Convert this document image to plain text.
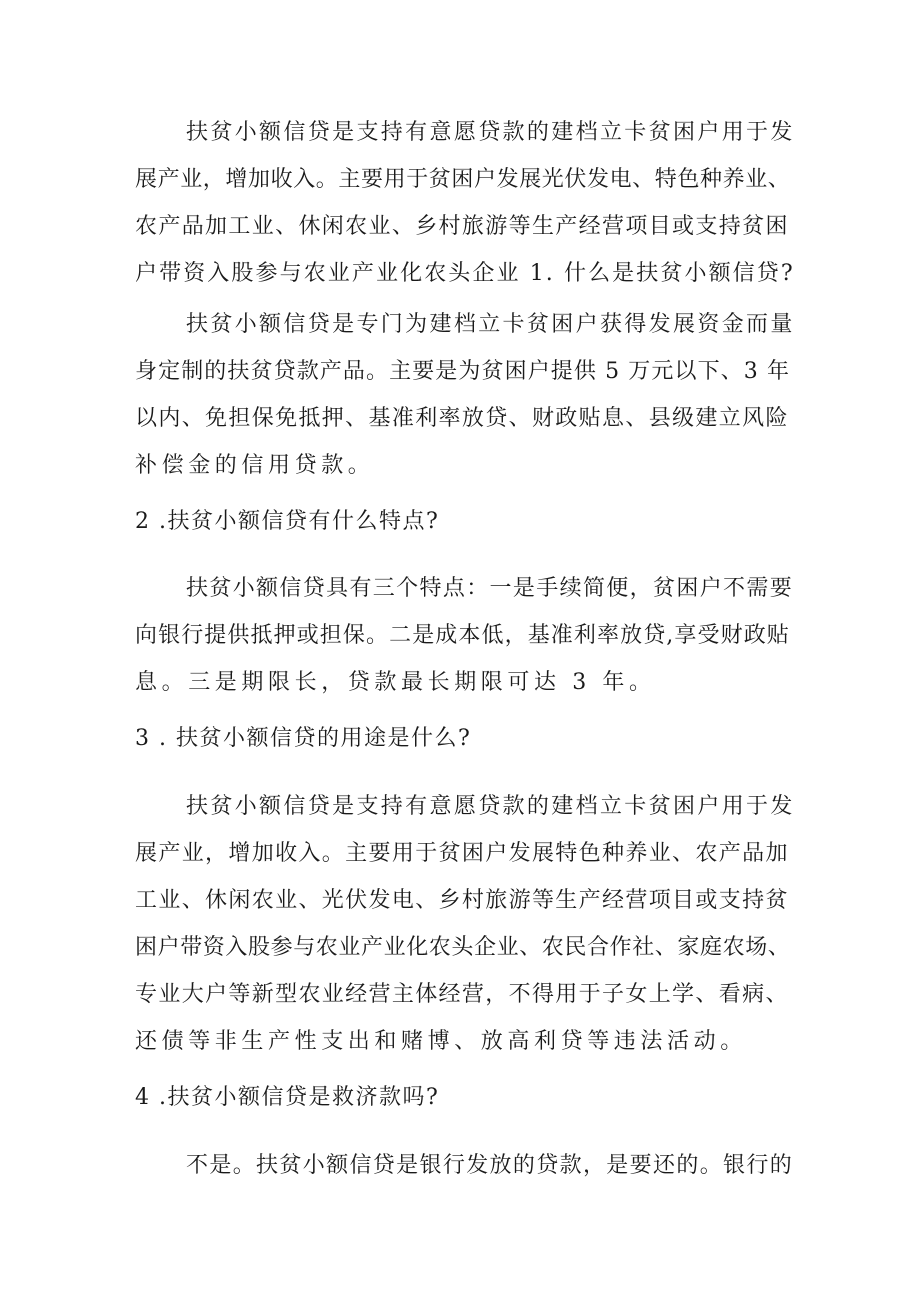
扶贫小额信贷是支持有意愿贷款的建档立卡贫困户用于发

展产业，增加收入。主要用于贫困户发展光伏发电、特色种养业、

农产品加工业、休闲农业、乡村旅游等生产经营项目或支持贫困

户带资入股参与农业产业化农头企业 1. 什么是扶贫小额信贷?

扶贫小额信贷是专门为建档立卡贫困户获得发展资金而量

身定制的扶贫贷款产品。主要是为贫困户提供 5 万元以下、3 年

以内、免担保免抵押、基准利率放贷、财政贴息、县级建立风险

补偿金的信用贷款。

2 .扶贫小额信贷有什么特点?

扶贫小额信贷具有三个特点：一是手续简便，贫困户不需要

向银行提供抵押或担保。二是成本低，基准利率放贷,享受财政贴

息。三是期限长，贷款最长期限可达 3 年。

3 . 扶贫小额信贷的用途是什么?

扶贫小额信贷是支持有意愿贷款的建档立卡贫困户用于发

展产业，增加收入。主要用于贫困户发展特色种养业、农产品加

工业、休闲农业、光伏发电、乡村旅游等生产经营项目或支持贫

困户带资入股参与农业产业化农头企业、农民合作社、家庭农场、

专业大户等新型农业经营主体经营，不得用于子女上学、看病、

还债等非生产性支出和赌博、放高利贷等违法活动。

4 .扶贫小额信贷是救济款吗?

不是。扶贫小额信贷是银行发放的贷款，是要还的。银行的
